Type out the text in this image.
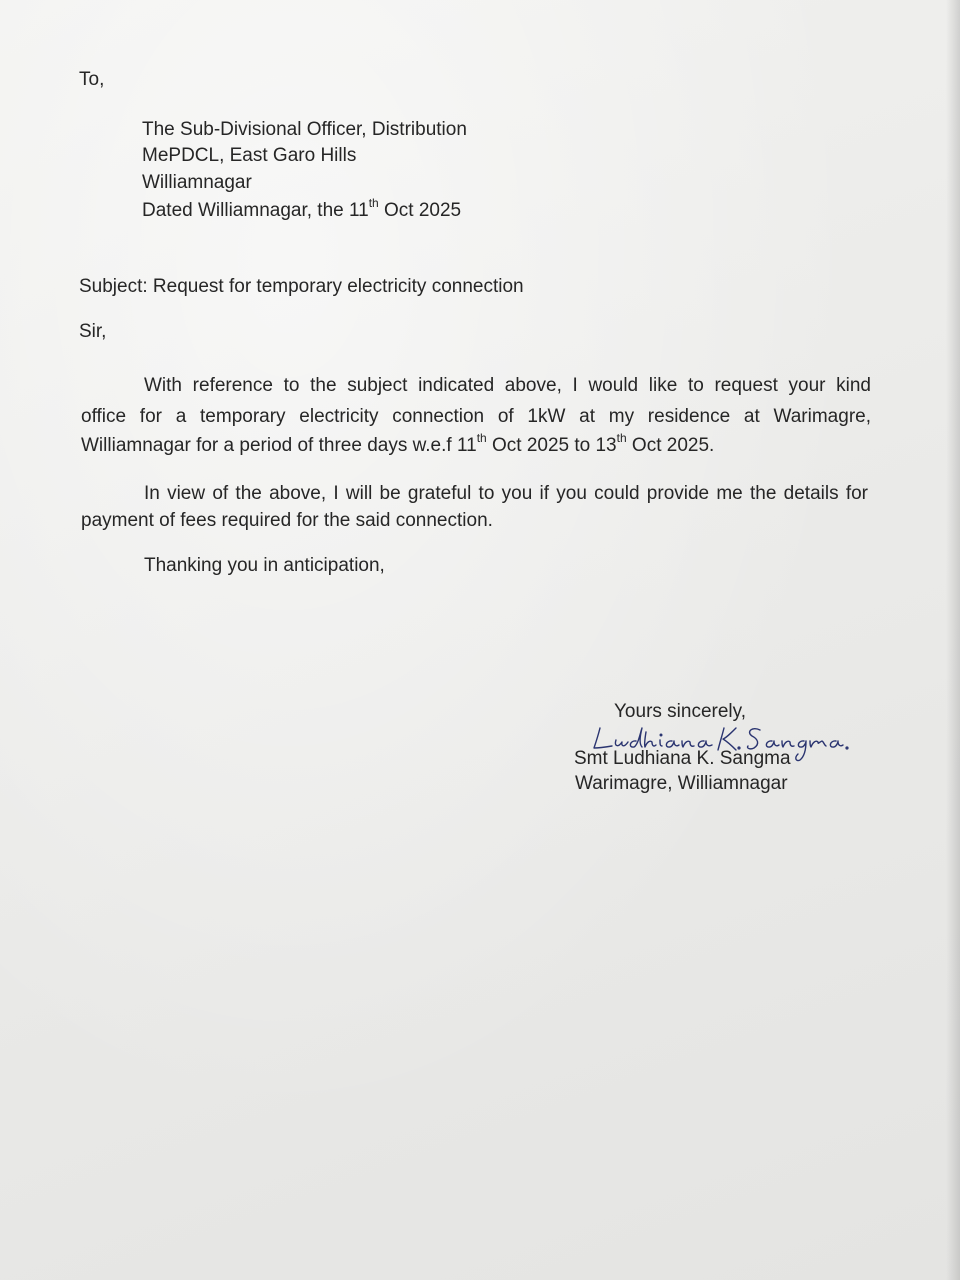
To,

The Sub-Divisional Officer, Distribution

MePDCL, East Garo Hills

Williamnagar

Dated Williamnagar, the 11th Oct 2025

Subject: Request for temporary electricity connection

Sir,

With reference to the subject indicated above, I would like to request your kind

office for a temporary electricity connection of 1kW at my residence at Warimagre,

Williamnagar for a period of three days w.e.f 11th Oct 2025 to 13th Oct 2025.

In view of the above, I will be grateful to you if you could provide me the details for

payment of fees required for the said connection.

Thanking you in anticipation,

Yours sincerely,

Smt Ludhiana K. Sangma

Warimagre, Williamnagar
